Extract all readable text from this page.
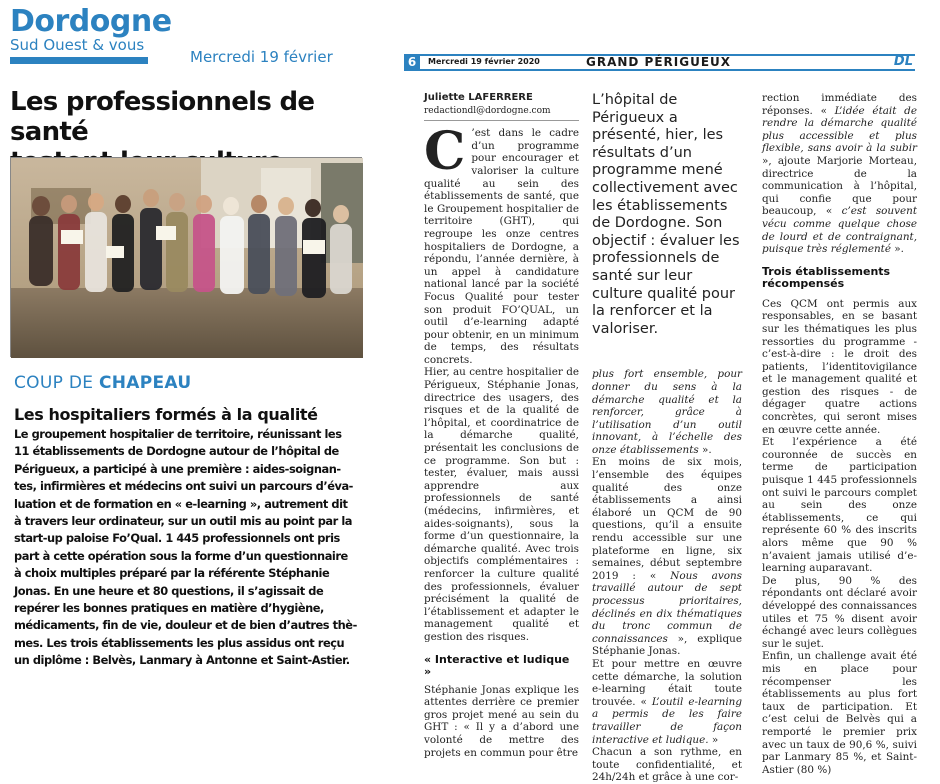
Dordogne
Sud Ouest & vous
Mercredi 19 février
Les professionnels de santé
COUP DE CHAPEAU
Les hospitaliers formés à la qualité
Le groupement hospitalier de territoire, réunissant les
11 établissements de Dordogne autour de l’hôpital de
Périgueux, a participé à une première : aides-soignan-
tes, infirmières et médecins ont suivi un parcours d’éva-
luation et de formation en « e-learning », autrement dit
à travers leur ordinateur, sur un outil mis au point par la
start-up paloise Fo’Qual. 1 445 professionnels ont pris
part à cette opération sous la forme d’un questionnaire
à choix multiples préparé par la référente Stéphanie
Jonas. En une heure et 80 questions, il s’agissait de
repérer les bonnes pratiques en matière d’hygiène,
médicaments, fin de vie, douleur et de bien d’autres thè-
mes. Les trois établissements les plus assidus ont reçu
un diplôme : Belvès, Lanmary à Antonne et Saint-Astier.
6	Mercredi 19 février 2020	GRAND PÉRIGUEUX	DL
Juliette LAFERRERE
redactiondl@dordogne.com

C ’est dans le cadre d’un programme pour encourager et valoriser la culture qualité au sein des établissements de santé, que le Groupement hospitalier de territoire (GHT), qui regroupe les onze centres hospitaliers de Dordogne, a répondu, l’année dernière, à un appel à candidature national lancé par la société Focus Qualité pour tester son produit FO’QUAL, un outil d’e-learning adapté pour obtenir, en un minimum de temps, des résultats concrets.

Hier, au centre hospitalier de Périgueux, Stéphanie Jonas, directrice des usagers, des risques et de la qualité de l’hôpital, et coordinatrice de la démarche qualité, présentait les conclusions de ce programme. Son but : tester, évaluer, mais aussi apprendre aux professionnels de santé (médecins, infirmières, et aides-soignants), sous la forme d’un questionnaire, la démarche qualité. Avec trois objectifs complémentaires : renforcer la culture qualité des professionnels, évaluer précisément la qualité de l’établissement et adapter le management qualité et gestion des risques.

« Interactive et ludique »

Stéphanie Jonas explique les attentes derrière ce premier gros projet mené au sein du GHT : « Il y a d’abord une volonté de mettre des projets en commun pour être

L’hôpital de Périgueux a présenté, hier, les résultats d’un programme mené collectivement avec les établissements de Dordogne. Son objectif : évaluer les professionnels de santé sur leur culture qualité pour la renforcer et la valoriser.

plus fort ensemble, pour donner du sens à la démarche qualité et la renforcer, grâce à l’utilisation d’un outil innovant, à l’échelle des onze établissements ».

En moins de six mois, l’ensemble des équipes qualité des onze établissements a ainsi élaboré un QCM de 90 questions, qu’il a ensuite rendu accessible sur une plateforme en ligne, six semaines, début septembre 2019 : « Nous avons travaillé autour de sept processus prioritaires, déclinés en dix thématiques du tronc commun de connaissances », explique Stéphanie Jonas.

Et pour mettre en œuvre cette démarche, la solution e-learning était toute trouvée. « L’outil e-learning a permis de les faire travailler de façon interactive et ludique. »

Chacun a son rythme, en toute confidentialité, et 24h/24h et grâce à une cor-

rection immédiate des réponses. « L’idée était de rendre la démarche qualité plus accessible et plus flexible, sans avoir à la subir », ajoute Marjorie Morteau, directrice de la communication à l’hôpital, qui confie que pour beaucoup, « c’est souvent vécu comme quelque chose de lourd et de contraignant, puisque très réglementé ».

Trois établissements récompensés

Ces QCM ont permis aux responsables, en se basant sur les thématiques les plus ressorties du programme - c’est-à-dire : le droit des patients, l’identitovigilance et le management qualité et gestion des risques - de dégager quatre actions concrètes, qui seront mises en œuvre cette année.

Et l’expérience a été couronnée de succès en terme de participation puisque 1 445 professionnels ont suivi le parcours complet au sein des onze établissements, ce qui représente 60 % des inscrits alors même que 90 % n’avaient jamais utilisé d’e-learning auparavant.

De plus, 90 % des répondants ont déclaré avoir développé des connaissances utiles et 75 % disent avoir échangé avec leurs collègues sur le sujet.

Enfin, un challenge avait été mis en place pour récompenser les établissements au plus fort taux de participation. Et c’est celui de Belvès qui a remporté le premier prix avec un taux de 90,6 %, suivi par Lanmary 85 %, et Saint-Astier (80 %)
